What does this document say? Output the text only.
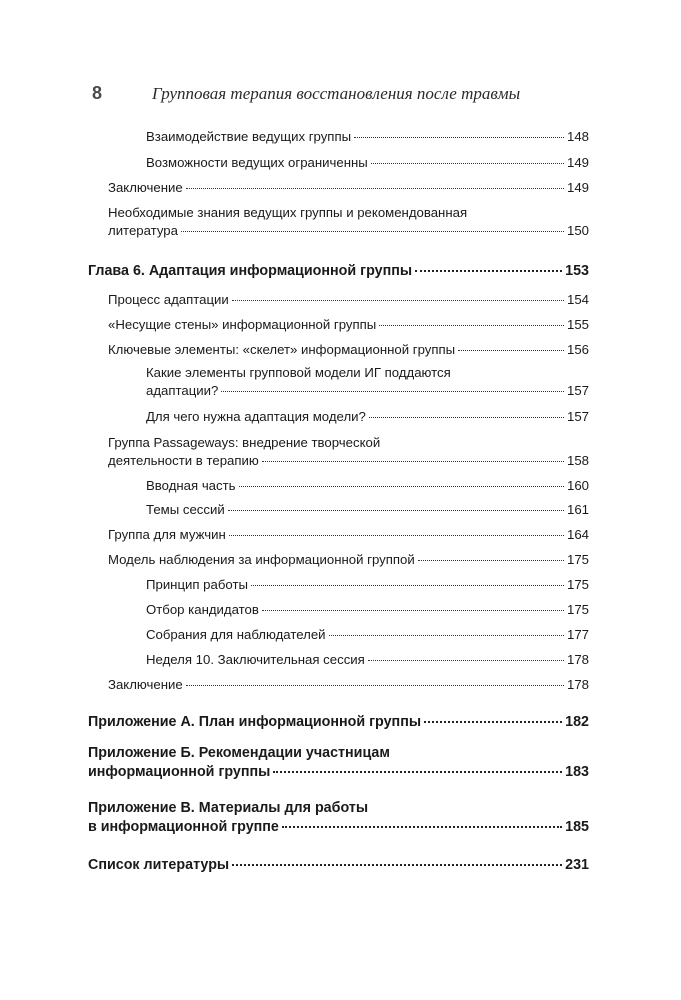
8	Групповая терапия восстановления после травмы
Взаимодействие ведущих группы	148
Возможности ведущих ограниченны	149
Заключение	149
Необходимые знания ведущих группы и рекомендованная
литература	150
Глава 6. Адаптация информационной группы	153
Процесс адаптации	154
«Несущие стены» информационной группы	155
Ключевые элементы: «скелет» информационной группы	156
Какие элементы групповой модели ИГ поддаются
адаптации?	157
Для чего нужна адаптация модели?	157
Группа Passageways: внедрение творческой
деятельности в терапию	158
Вводная часть	160
Темы сессий	161
Группа для мужчин	164
Модель наблюдения за информационной группой	175
Принцип работы	175
Отбор кандидатов	175
Собрания для наблюдателей	177
Неделя 10. Заключительная сессия	178
Заключение	178
Приложение А. План информационной группы	182
Приложение Б. Рекомендации участницам
информационной группы	183
Приложение В. Материалы для работы
в информационной группе	185
Список литературы	231
